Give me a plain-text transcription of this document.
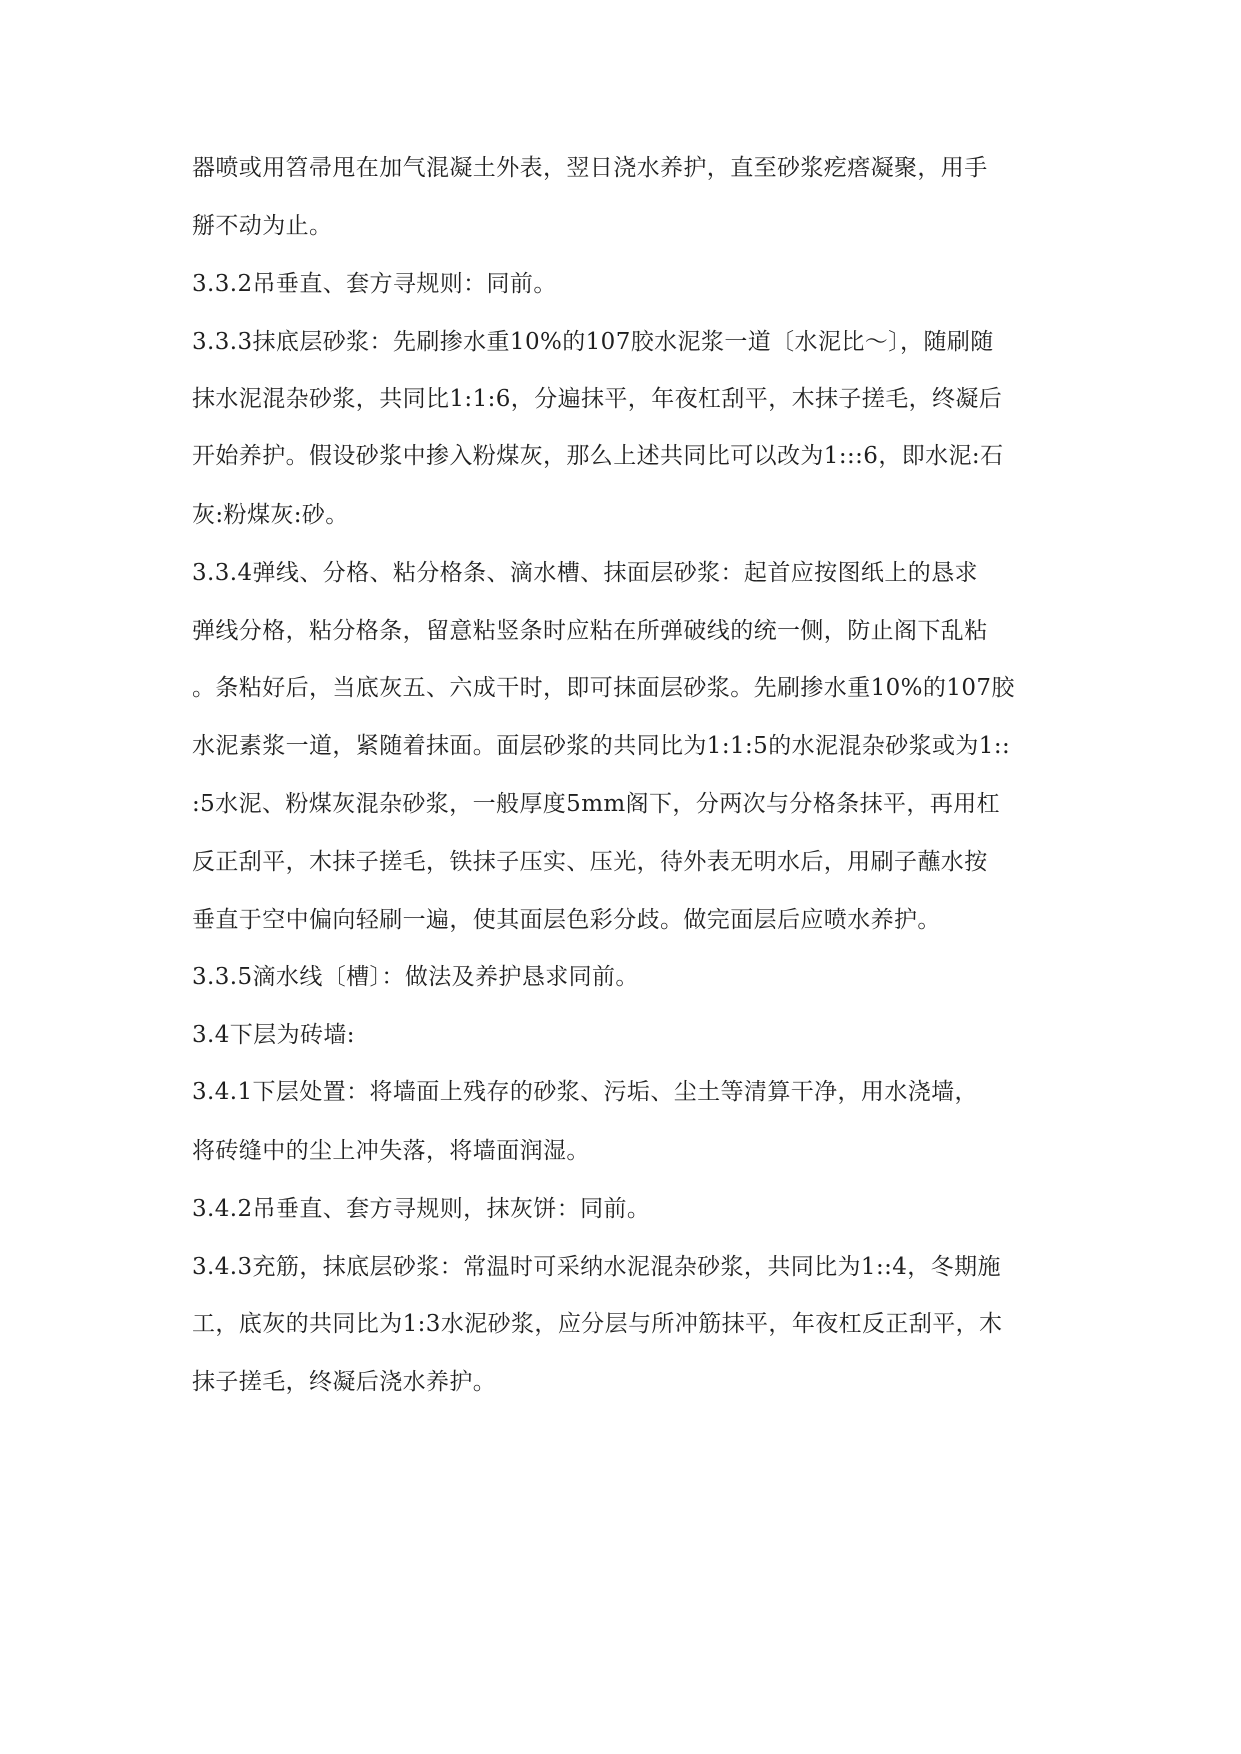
器喷或用笤帚甩在加气混凝土外表，翌日浇水养护，直至砂浆疙瘩凝聚，用手
掰不动为止。
3.3.2吊垂直、套方寻规则：同前。
3.3.3抹底层砂浆：先刷掺水重10%的107胶水泥浆一道〔水泥比～〕，随刷随
抹水泥混杂砂浆，共同比1:1:6，分遍抹平，年夜杠刮平，木抹子搓毛，终凝后
开始养护。假设砂浆中掺入粉煤灰，那么上述共同比可以改为1:::6，即水泥:石
灰:粉煤灰:砂。
3.3.4弹线、分格、粘分格条、滴水槽、抹面层砂浆：起首应按图纸上的恳求
弹线分格，粘分格条，留意粘竖条时应粘在所弹破线的统一侧，防止阁下乱粘
。条粘好后，当底灰五、六成干时，即可抹面层砂浆。先刷掺水重10%的107胶
水泥素浆一道，紧随着抹面。面层砂浆的共同比为1:1:5的水泥混杂砂浆或为1::
:5水泥、粉煤灰混杂砂浆，一般厚度5mm阁下，分两次与分格条抹平，再用杠
反正刮平，木抹子搓毛，铁抹子压实、压光，待外表无明水后，用刷子蘸水按
垂直于空中偏向轻刷一遍，使其面层色彩分歧。做完面层后应喷水养护。
3.3.5滴水线〔槽〕：做法及养护恳求同前。
3.4下层为砖墙:
3.4.1下层处置：将墙面上残存的砂浆、污垢、尘土等清算干净，用水浇墙，
将砖缝中的尘上冲失落，将墙面润湿。
3.4.2吊垂直、套方寻规则，抹灰饼：同前。
3.4.3充筋，抹底层砂浆：常温时可采纳水泥混杂砂浆，共同比为1::4，冬期施
工，底灰的共同比为1:3水泥砂浆，应分层与所冲筋抹平，年夜杠反正刮平，木
抹子搓毛，终凝后浇水养护。
